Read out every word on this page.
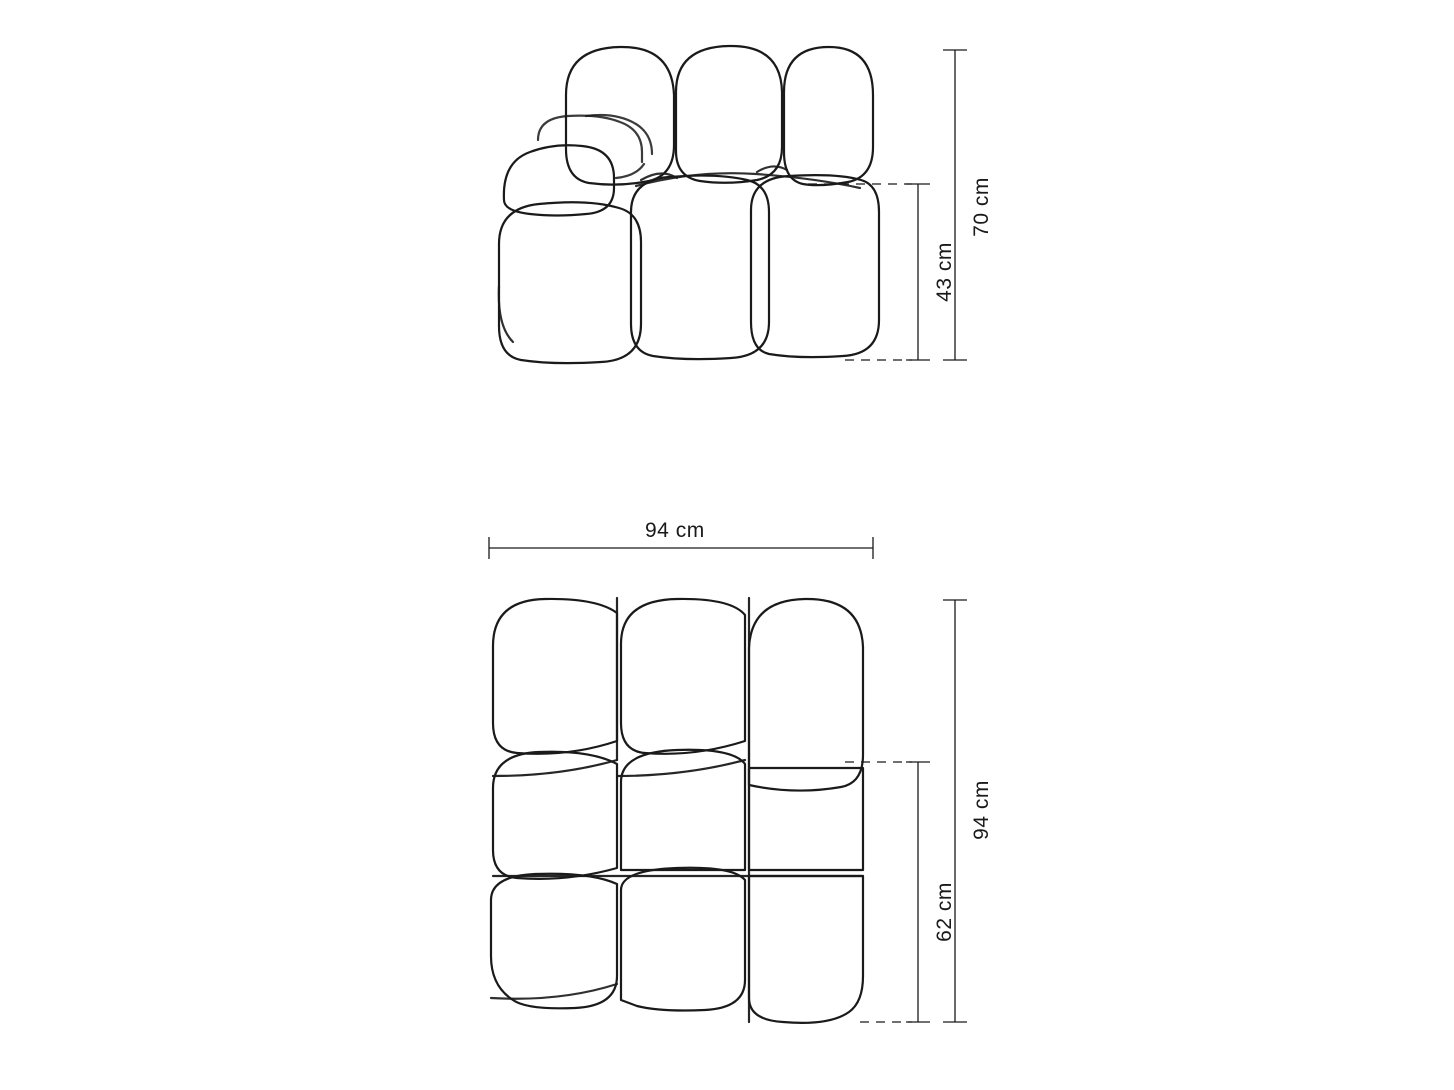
70 cm
43 cm
94 cm
94 cm
62 cm
